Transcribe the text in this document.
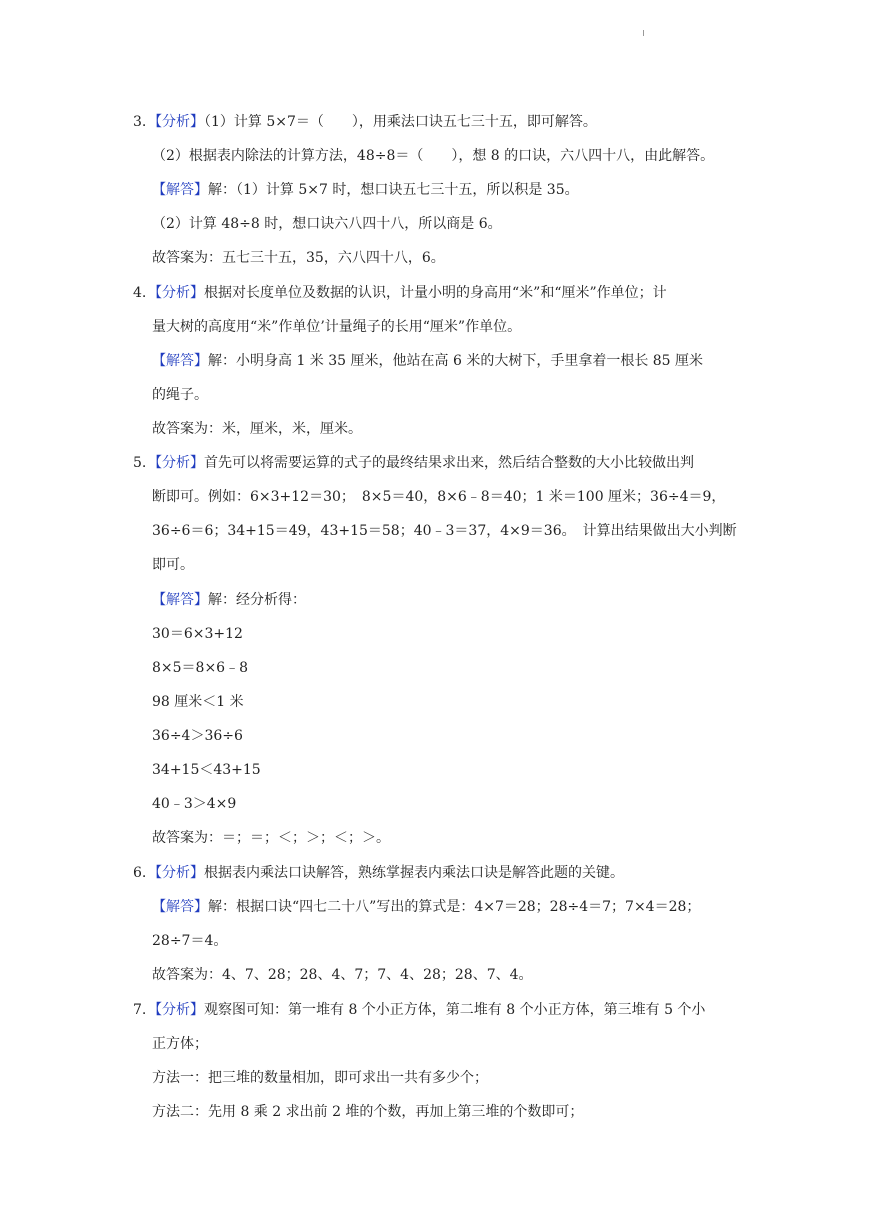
3. 【分析】（1）计算 5×7＝（　　），用乘法口诀五七三十五，即可解答。
（2）根据表内除法的计算方法，48÷8＝（　　），想 8 的口诀，六八四十八，由此解答。
【解答】解：（1）计算 5×7 时，想口诀五七三十五，所以积是 35。
（2）计算 48÷8 时，想口诀六八四十八，所以商是 6。
故答案为：五七三十五，35，六八四十八，6。
4. 【分析】根据对长度单位及数据的认识，计量小明的身高用“米”和“厘米”作单位；计
量大树的高度用“米”作单位’计量绳子的长用“厘米”作单位。
【解答】解：小明身高 1 米 35 厘米，他站在高 6 米的大树下，手里拿着一根长 85 厘米
的绳子。
故答案为：米，厘米，米，厘米。
5. 【分析】首先可以将需要运算的式子的最终结果求出来，然后结合整数的大小比较做出判
断即可。例如：6×3+12＝30；　8×5＝40，8×6﹣8＝40；1 米＝100 厘米；36÷4＝9，
36÷6＝6；34+15＝49，43+15＝58；40﹣3＝37，4×9＝36。　计算出结果做出大小判断
即可。
【解答】解：经分析得：
30＝6×3+12
8×5＝8×6﹣8
98 厘米＜1 米
36÷4＞36÷6
34+15＜43+15
40﹣3＞4×9
故答案为：＝；＝；＜；＞；＜；＞。
6. 【分析】根据表内乘法口诀解答，熟练掌握表内乘法口诀是解答此题的关键。
【解答】解：根据口诀“四七二十八”写出的算式是：4×7＝28；28÷4＝7；7×4＝28；
28÷7＝4。
故答案为：4、7、28；28、4、7；7、4、28；28、7、4。
7. 【分析】观察图可知：第一堆有 8 个小正方体，第二堆有 8 个小正方体，第三堆有 5 个小
正方体；
方法一：把三堆的数量相加，即可求出一共有多少个；
方法二：先用 8 乘 2 求出前 2 堆的个数，再加上第三堆的个数即可；
